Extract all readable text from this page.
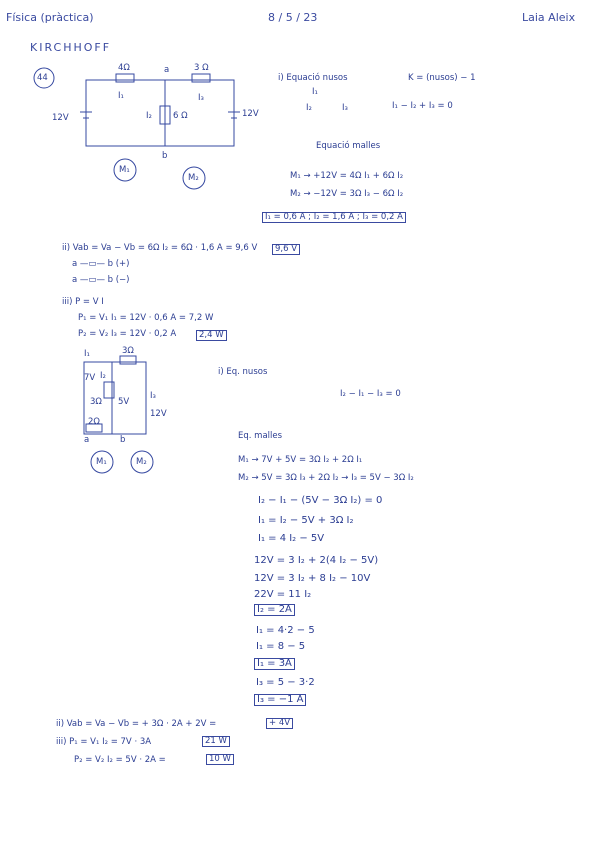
Física (pràctica)	8 / 5 / 23	Laia Aleix
KIRCHHOFF
44
4Ω	a	3 Ω
I₁	I₃
12V	12V
I₂ 6 Ω
b
M₁
M₂
i) Equació nusos	K = (nusos) − 1
I₁
I₂	I₃	I₁ − I₂ + I₃ = 0
Equació malles
M₁ → +12V = 4Ω I₁ + 6Ω I₂
M₂ → −12V = 3Ω I₃ − 6Ω I₂
I₁ = 0,6 A ; I₂ = 1,6 A ; I₃ = 0,2 A
ii) Vab = Va − Vb = 6Ω I₂ = 6Ω · 1,6 A = 9,6 V	9,6 V
a —▭— b (+)
a —▭— b (−)
iii) P = V I
P₁ = V₁ I₁ = 12V · 0,6 A = 7,2 W
P₂ = V₂ I₃ = 12V · 0,2 A	2,4 W
I₁	3Ω
I₂
7V
3Ω 5V
I₃
2Ω
a	b
12V
M₁	M₂
i) Eq. nusos
I₂ − I₁ − I₃ = 0
Eq. malles
M₁ → 7V + 5V = 3Ω I₂ + 2Ω I₁
M₂ → 5V = 3Ω I₃ + 2Ω I₂ → I₃ = 5V − 3Ω I₂
I₂ − I₁ − (5V − 3Ω I₂) = 0
I₁ = I₂ − 5V + 3Ω I₂
I₁ = 4 I₂ − 5V
12V = 3 I₂ + 2(4 I₂ − 5V)
12V = 3 I₂ + 8 I₂ − 10V
22V = 11 I₂
I₂ = 2A
I₁ = 4·2 − 5
I₁ = 8 − 5
I₁ = 3A
I₃ = 5 − 3·2
I₃ = −1 A
ii) Vab = Va − Vb = + 3Ω · 2A + 2V =	+ 4V
iii) P₁ = V₁ I₂ = 7V · 3A	21 W
P₂ = V₂ I₂ = 5V · 2A =	10 W
